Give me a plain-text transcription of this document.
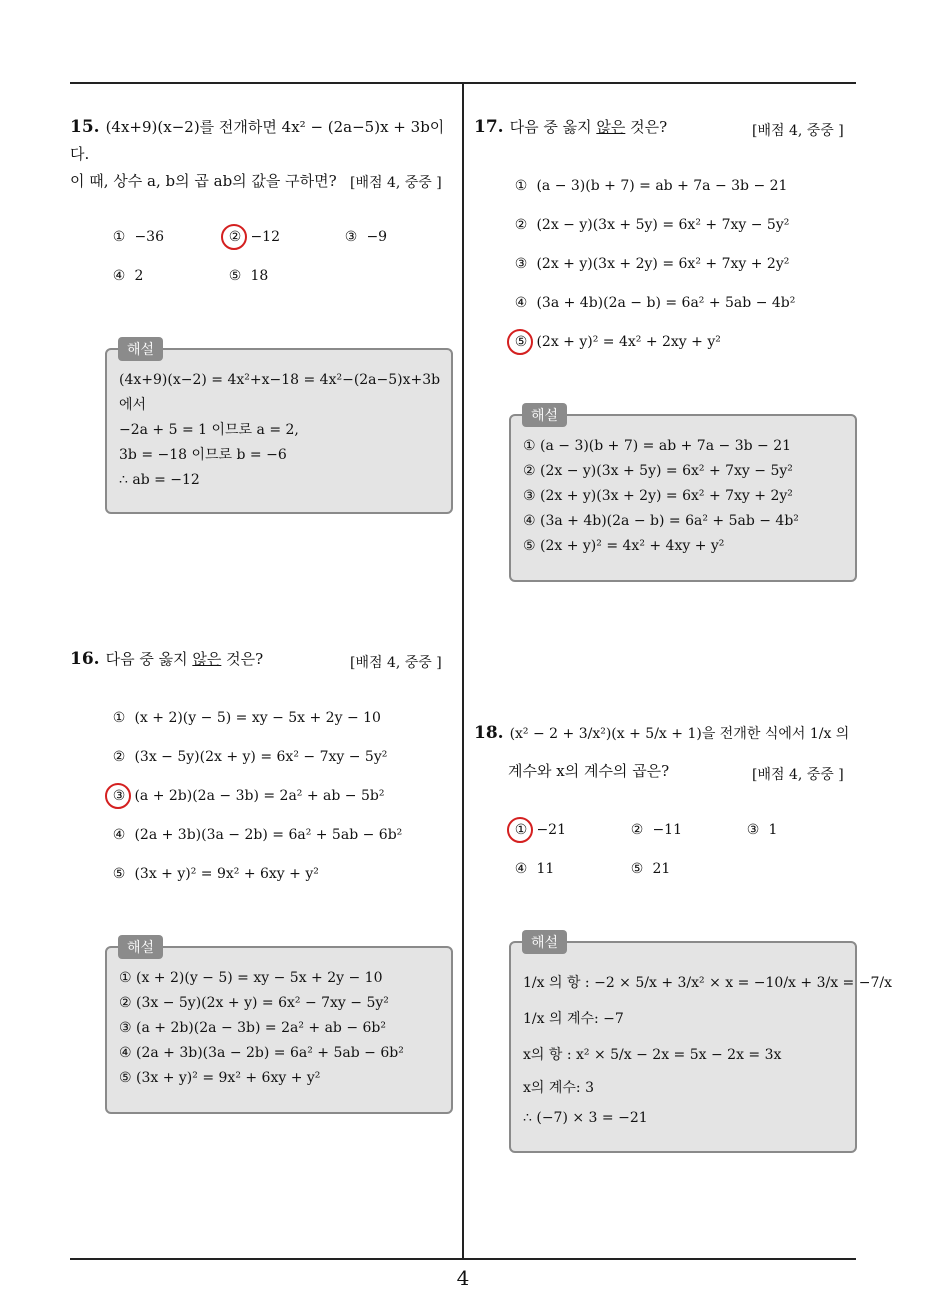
15. (4x+9)(x−2)를 전개하면 4x² − (2a−5)x + 3b이다.
이 때, 상수 a, b의 곱 ab의 값을 구하면? [배점 4, 중중 ]
① −36	② −12	③ −9
④ 2	⑤ 18
해설
(4x+9)(x−2) = 4x²+x−18 = 4x²−(2a−5)x+3b
에서
−2a + 5 = 1 이므로 a = 2,
3b = −18 이므로 b = −6
∴ ab = −12
16. 다음 중 옳지 않은 것은?	[배점 4, 중중 ]
① (x + 2)(y − 5) = xy − 5x + 2y − 10
② (3x − 5y)(2x + y) = 6x² − 7xy − 5y²
③ (a + 2b)(2a − 3b) = 2a² + ab − 5b²
④ (2a + 3b)(3a − 2b) = 6a² + 5ab − 6b²
⑤ (3x + y)² = 9x² + 6xy + y²
해설
① (x + 2)(y − 5) = xy − 5x + 2y − 10
② (3x − 5y)(2x + y) = 6x² − 7xy − 5y²
③ (a + 2b)(2a − 3b) = 2a² + ab − 6b²
④ (2a + 3b)(3a − 2b) = 6a² + 5ab − 6b²
⑤ (3x + y)² = 9x² + 6xy + y²
17. 다음 중 옳지 않은 것은?	[배점 4, 중중 ]
① (a − 3)(b + 7) = ab + 7a − 3b − 21
② (2x − y)(3x + 5y) = 6x² + 7xy − 5y²
③ (2x + y)(3x + 2y) = 6x² + 7xy + 2y²
④ (3a + 4b)(2a − b) = 6a² + 5ab − 4b²
⑤ (2x + y)² = 4x² + 2xy + y²
해설
① (a − 3)(b + 7) = ab + 7a − 3b − 21
② (2x − y)(3x + 5y) = 6x² + 7xy − 5y²
③ (2x + y)(3x + 2y) = 6x² + 7xy + 2y²
④ (3a + 4b)(2a − b) = 6a² + 5ab − 4b²
⑤ (2x + y)² = 4x² + 4xy + y²
18. (x² − 2 + 3/x²)(x + 5/x + 1)을 전개한 식에서 1/x 의
계수와 x의 계수의 곱은?	[배점 4, 중중 ]
① −21	② −11	③ 1
④ 11	⑤ 21
해설
1/x 의 항 : −2 × 5/x + 3/x² × x = −10/x + 3/x = −7/x
1/x 의 계수: −7
x의 항 : x² × 5/x − 2x = 5x − 2x = 3x
x의 계수: 3
∴ (−7) × 3 = −21
4
